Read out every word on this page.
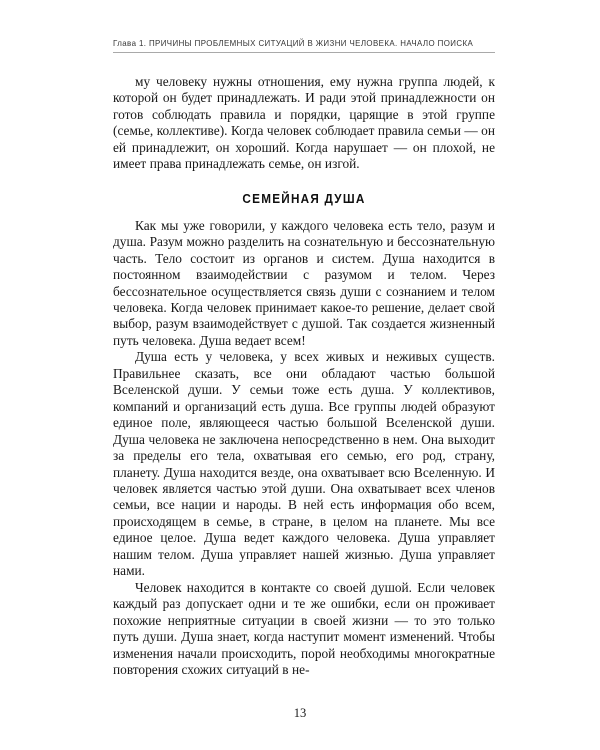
Глава 1. ПРИЧИНЫ ПРОБЛЕМНЫХ СИТУАЦИЙ В ЖИЗНИ ЧЕЛОВЕКА. НАЧАЛО ПОИСКА

му человеку нужны отношения, ему нужна группа людей, к которой он будет принадлежать. И ради этой принадлежности он готов соблюдать правила и порядки, царящие в этой группе (семье, коллективе). Когда человек соблюдает правила семьи — он ей принадлежит, он хороший. Когда нарушает — он плохой, не имеет права принадлежать семье, он изгой.

СЕМЕЙНАЯ ДУША

Как мы уже говорили, у каждого человека есть тело, разум и душа. Разум можно разделить на сознательную и бессознательную часть. Тело состоит из органов и систем. Душа находится в постоянном взаимодействии с разумом и телом. Через бессознательное осуществляется связь души с сознанием и телом человека. Когда человек принимает какое-то решение, делает свой выбор, разум взаимодействует с душой. Так создается жизненный путь человека. Душа ведает всем!

Душа есть у человека, у всех живых и неживых существ. Правильнее сказать, все они обладают частью большой Вселенской души. У семьи тоже есть душа. У коллективов, компаний и организаций есть душа. Все группы людей образуют единое поле, являющееся частью большой Вселенской души. Душа человека не заключена непосредственно в нем. Она выходит за пределы его тела, охватывая его семью, его род, страну, планету. Душа находится везде, она охватывает всю Вселенную. И человек является частью этой души. Она охватывает всех членов семьи, все нации и народы. В ней есть информация обо всем, происходящем в семье, в стране, в целом на планете. Мы все единое целое. Душа ведет каждого человека. Душа управляет нашим телом. Душа управляет нашей жизнью. Душа управляет нами.

Человек находится в контакте со своей душой. Если человек каждый раз допускает одни и те же ошибки, если он проживает похожие неприятные ситуации в своей жизни — то это только путь души. Душа знает, когда наступит момент изменений. Чтобы изменения начали происходить, порой необходимы многократные повторения схожих ситуаций в не-

13
